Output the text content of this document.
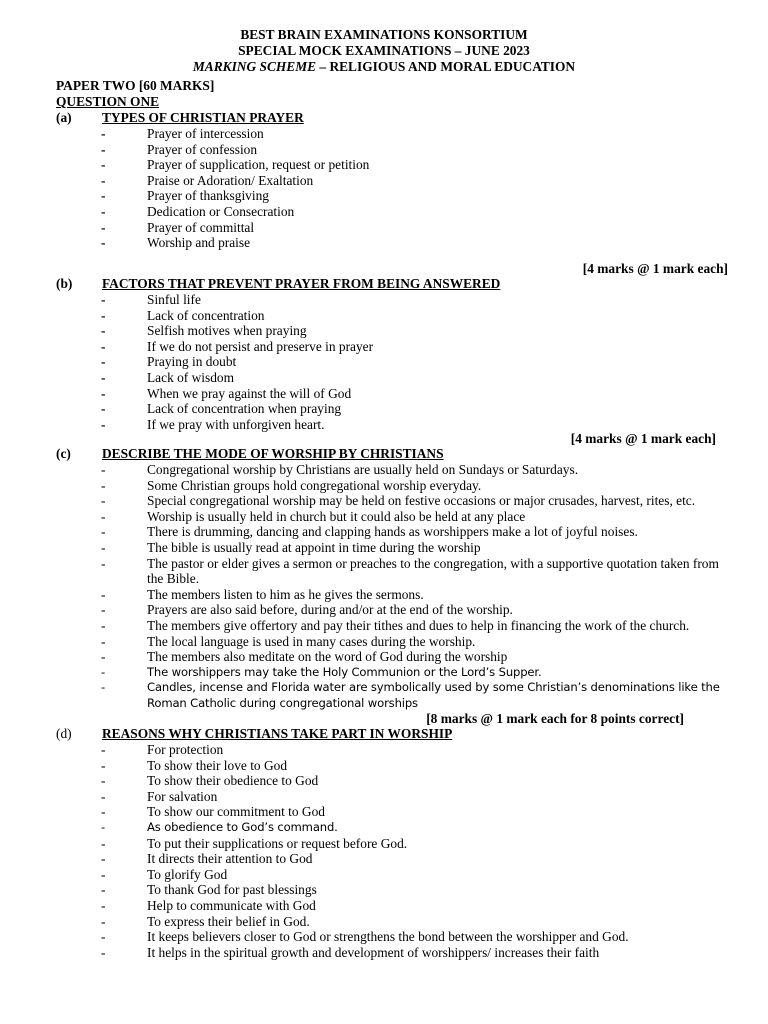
BEST BRAIN EXAMINATIONS KONSORTIUM
SPECIAL MOCK EXAMINATIONS – JUNE 2023
MARKING SCHEME – RELIGIOUS AND MORAL EDUCATION
PAPER TWO [60 MARKS]
QUESTION ONE
(a) TYPES OF CHRISTIAN PRAYER
-	Prayer of intercession
-	Prayer of confession
-	Prayer of supplication, request or petition
-	Praise or Adoration/ Exaltation
-	Prayer of thanksgiving
-	Dedication or Consecration
-	Prayer of committal
-	Worship and praise
[4 marks @ 1 mark each]
(b) FACTORS THAT PREVENT PRAYER FROM BEING ANSWERED
-	Sinful life
-	Lack of concentration
-	Selfish motives when praying
-	If we do not persist and preserve in prayer
-	Praying in doubt
-	Lack of wisdom
-	When we pray against the will of God
-	Lack of concentration when praying
-	If we pray with unforgiven heart.
[4 marks @ 1 mark each]
(c) DESCRIBE THE MODE OF WORSHIP BY CHRISTIANS
-	Congregational worship by Christians are usually held on Sundays or Saturdays.
-	Some Christian groups hold congregational worship everyday.
-	Special congregational worship may be held on festive occasions or major crusades, harvest, rites, etc.
-	Worship is usually held in church but it could also be held at any place
-	There is drumming, dancing and clapping hands as worshippers make a lot of joyful noises.
-	The bible is usually read at appoint in time during the worship
-	The pastor or elder gives a sermon or preaches to the congregation, with a supportive quotation taken from the Bible.
-	The members listen to him as he gives the sermons.
-	Prayers are also said before, during and/or at the end of the worship.
-	The members give offertory and pay their tithes and dues to help in financing the work of the church.
-	The local language is used in many cases during the worship.
-	The members also meditate on the word of God during the worship
-	The worshippers may take the Holy Communion or the Lord’s Supper.
-	Candles, incense and Florida water are symbolically used by some Christian’s denominations like the Roman Catholic during congregational worships
[8 marks @ 1 mark each for 8 points correct]
(d) REASONS WHY CHRISTIANS TAKE PART IN WORSHIP
-	For protection
-	To show their love to God
-	To show their obedience to God
-	For salvation
-	To show our commitment to God
-	As obedience to God’s command.
-	To put their supplications or request before God.
-	It directs their attention to God
-	To glorify God
-	To thank God for past blessings
-	Help to communicate with God
-	To express their belief in God.
-	It keeps believers closer to God or strengthens the bond between the worshipper and God.
-	It helps in the spiritual growth and development of worshippers/ increases their faith
